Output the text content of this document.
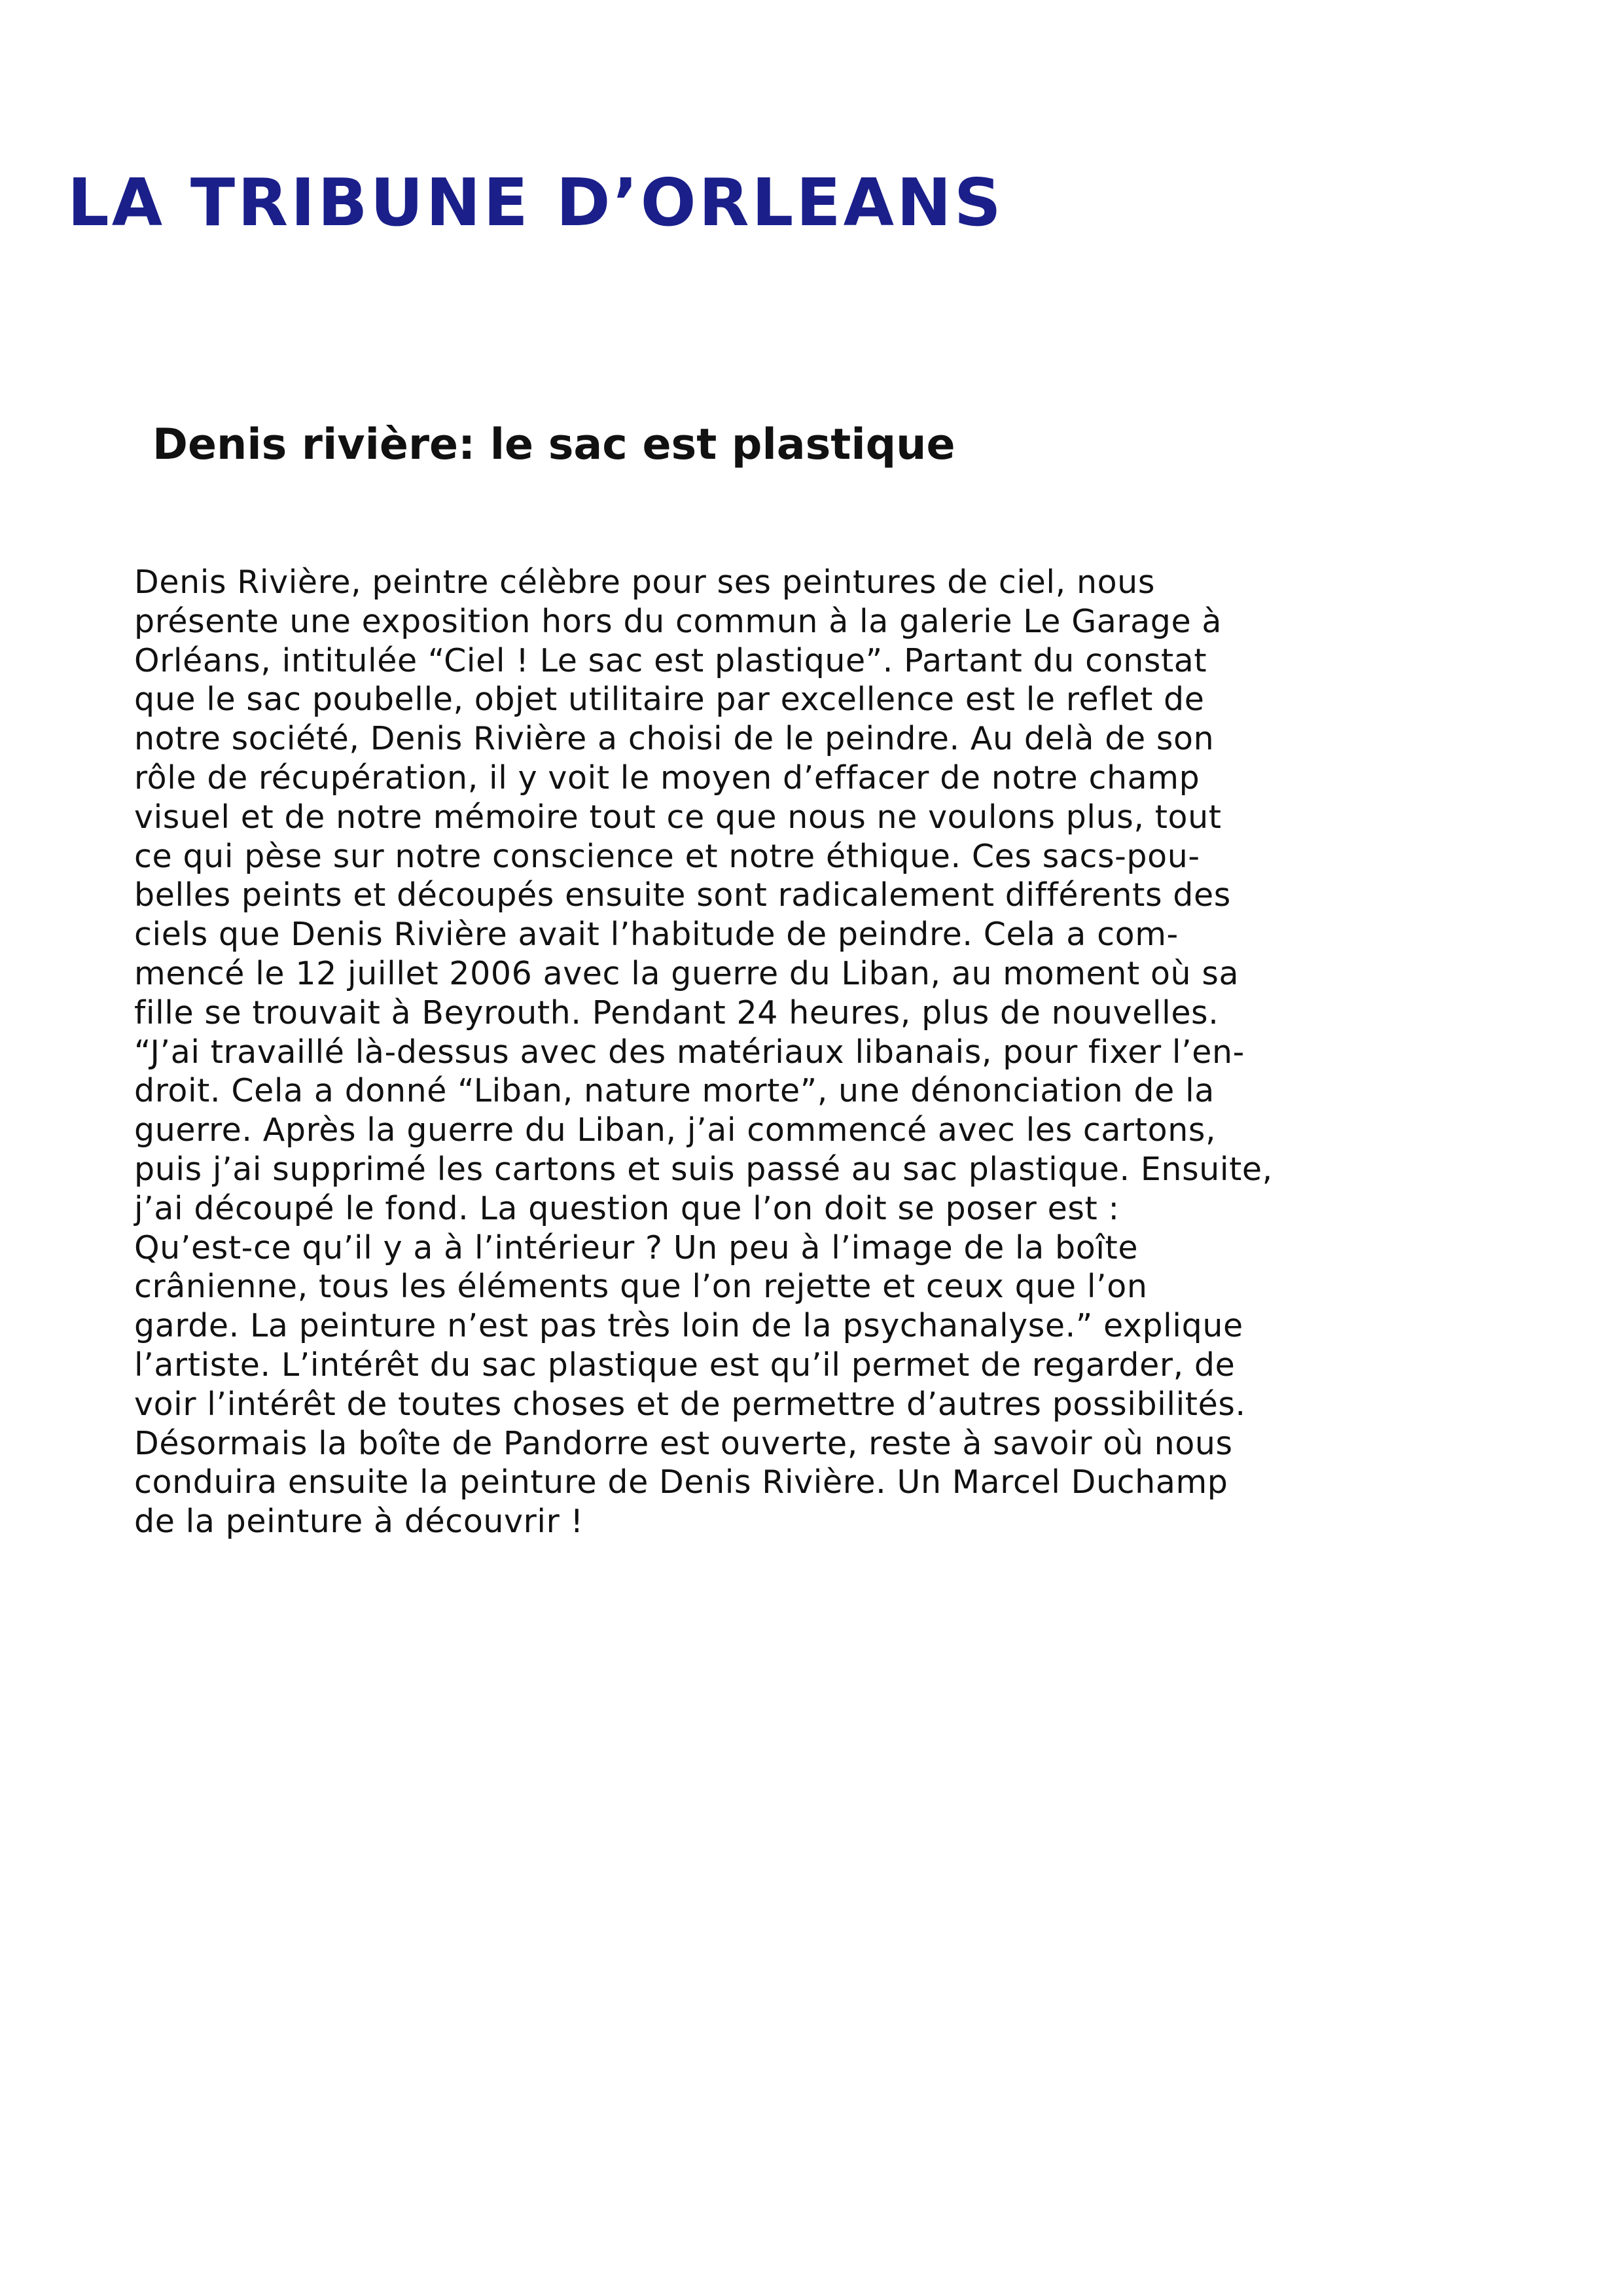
LA TRIBUNE D’ORLEANS
Denis rivière: le sac est plastique
Denis Rivière, peintre célèbre pour ses peintures de ciel, nous
présente une exposition hors du commun à la galerie Le Garage à
Orléans, intitulée “Ciel ! Le sac est plastique”. Partant du constat
que le sac poubelle, objet utilitaire par excellence est le reflet de
notre société, Denis Rivière a choisi de le peindre. Au delà de son
rôle de récupération, il y voit le moyen d’effacer de notre champ
visuel et de notre mémoire tout ce que nous ne voulons plus, tout
ce qui pèse sur notre conscience et notre éthique. Ces sacs-pou-
belles peints et découpés ensuite sont radicalement différents des
ciels que Denis Rivière avait l’habitude de peindre. Cela a com-
mencé le 12 juillet 2006 avec la guerre du Liban, au moment où sa
fille se trouvait à Beyrouth. Pendant 24 heures, plus de nouvelles.
“J’ai travaillé là-dessus avec des matériaux libanais, pour fixer l’en-
droit. Cela a donné “Liban, nature morte”, une dénonciation de la
guerre. Après la guerre du Liban, j’ai commencé avec les cartons,
puis j’ai supprimé les cartons et suis passé au sac plastique. Ensuite,
j’ai découpé le fond. La question que l’on doit se poser est :
Qu’est-ce qu’il y a à l’intérieur ? Un peu à l’image de la boîte
crânienne, tous les éléments que l’on rejette et ceux que l’on
garde. La peinture n’est pas très loin de la psychanalyse.” explique
l’artiste. L’intérêt du sac plastique est qu’il permet de regarder, de
voir l’intérêt de toutes choses et de permettre d’autres possibilités.
Désormais la boîte de Pandorre est ouverte, reste à savoir où nous
conduira ensuite la peinture de Denis Rivière. Un Marcel Duchamp
de la peinture à découvrir !
